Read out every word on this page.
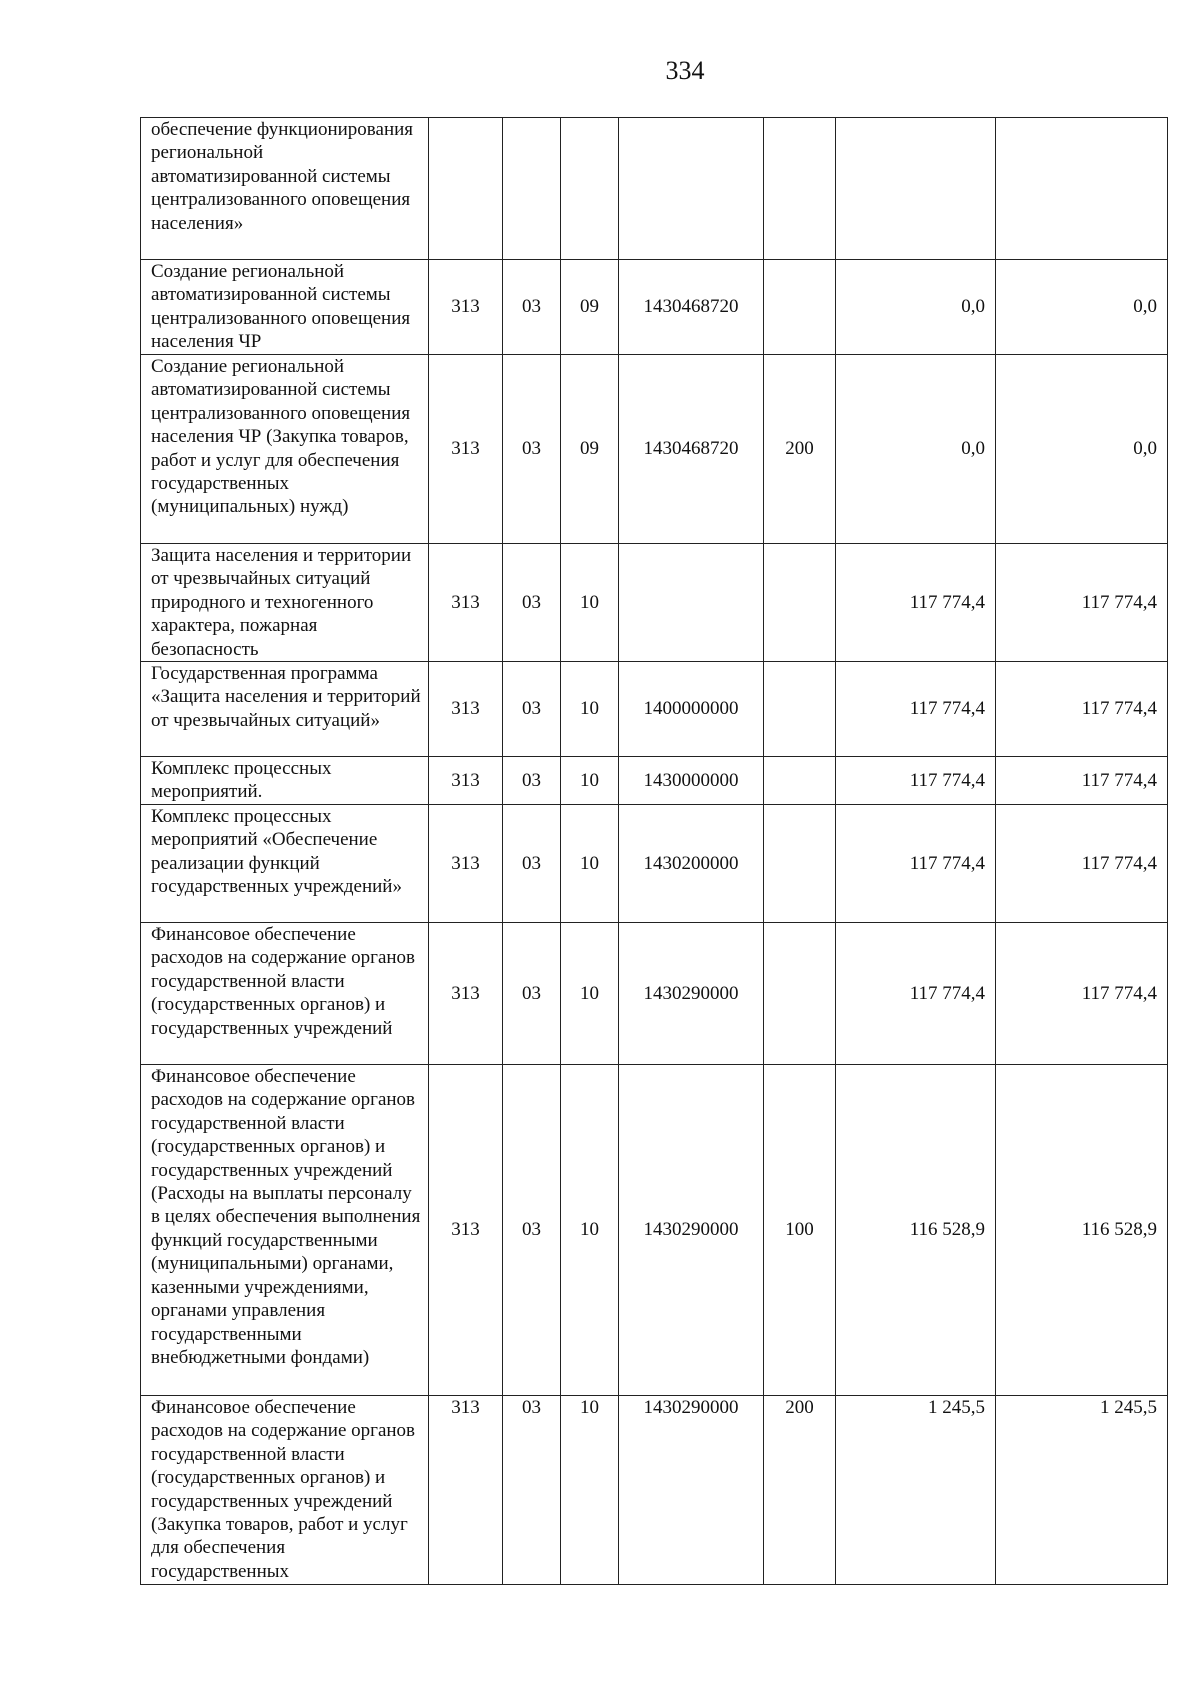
334
обеспечение функционирования региональной автоматизированной системы централизованного оповещения населения»							
Создание региональной автоматизированной системы централизованного оповещения населения ЧР	313	03	09	1430468720		0,0	0,0
Создание региональной автоматизированной системы централизованного оповещения населения ЧР (Закупка товаров, работ и услуг для обеспечения государственных (муниципальных) нужд)	313	03	09	1430468720	200	0,0	0,0
Защита населения и территории от чрезвычайных ситуаций природного и техногенного характера, пожарная безопасность	313	03	10			117 774,4	117 774,4
Государственная программа «Защита населения и территорий от чрезвычайных ситуаций»	313	03	10	1400000000		117 774,4	117 774,4
Комплекс процессных мероприятий.	313	03	10	1430000000		117 774,4	117 774,4
Комплекс процессных мероприятий «Обеспечение реализации функций государственных учреждений»	313	03	10	1430200000		117 774,4	117 774,4
Финансовое обеспечение расходов на содержание органов государственной власти (государственных органов) и государственных учреждений	313	03	10	1430290000		117 774,4	117 774,4
Финансовое обеспечение расходов на содержание органов государственной власти (государственных органов) и государственных учреждений (Расходы на выплаты персоналу в целях обеспечения выполнения функций государственными (муниципальными) органами, казенными учреждениями, органами управления государственными внебюджетными фондами)	313	03	10	1430290000	100	116 528,9	116 528,9
Финансовое обеспечение расходов на содержание органов государственной власти (государственных органов) и государственных учреждений (Закупка товаров, работ и услуг для обеспечения государственных	313	03	10	1430290000	200	1 245,5	1 245,5
